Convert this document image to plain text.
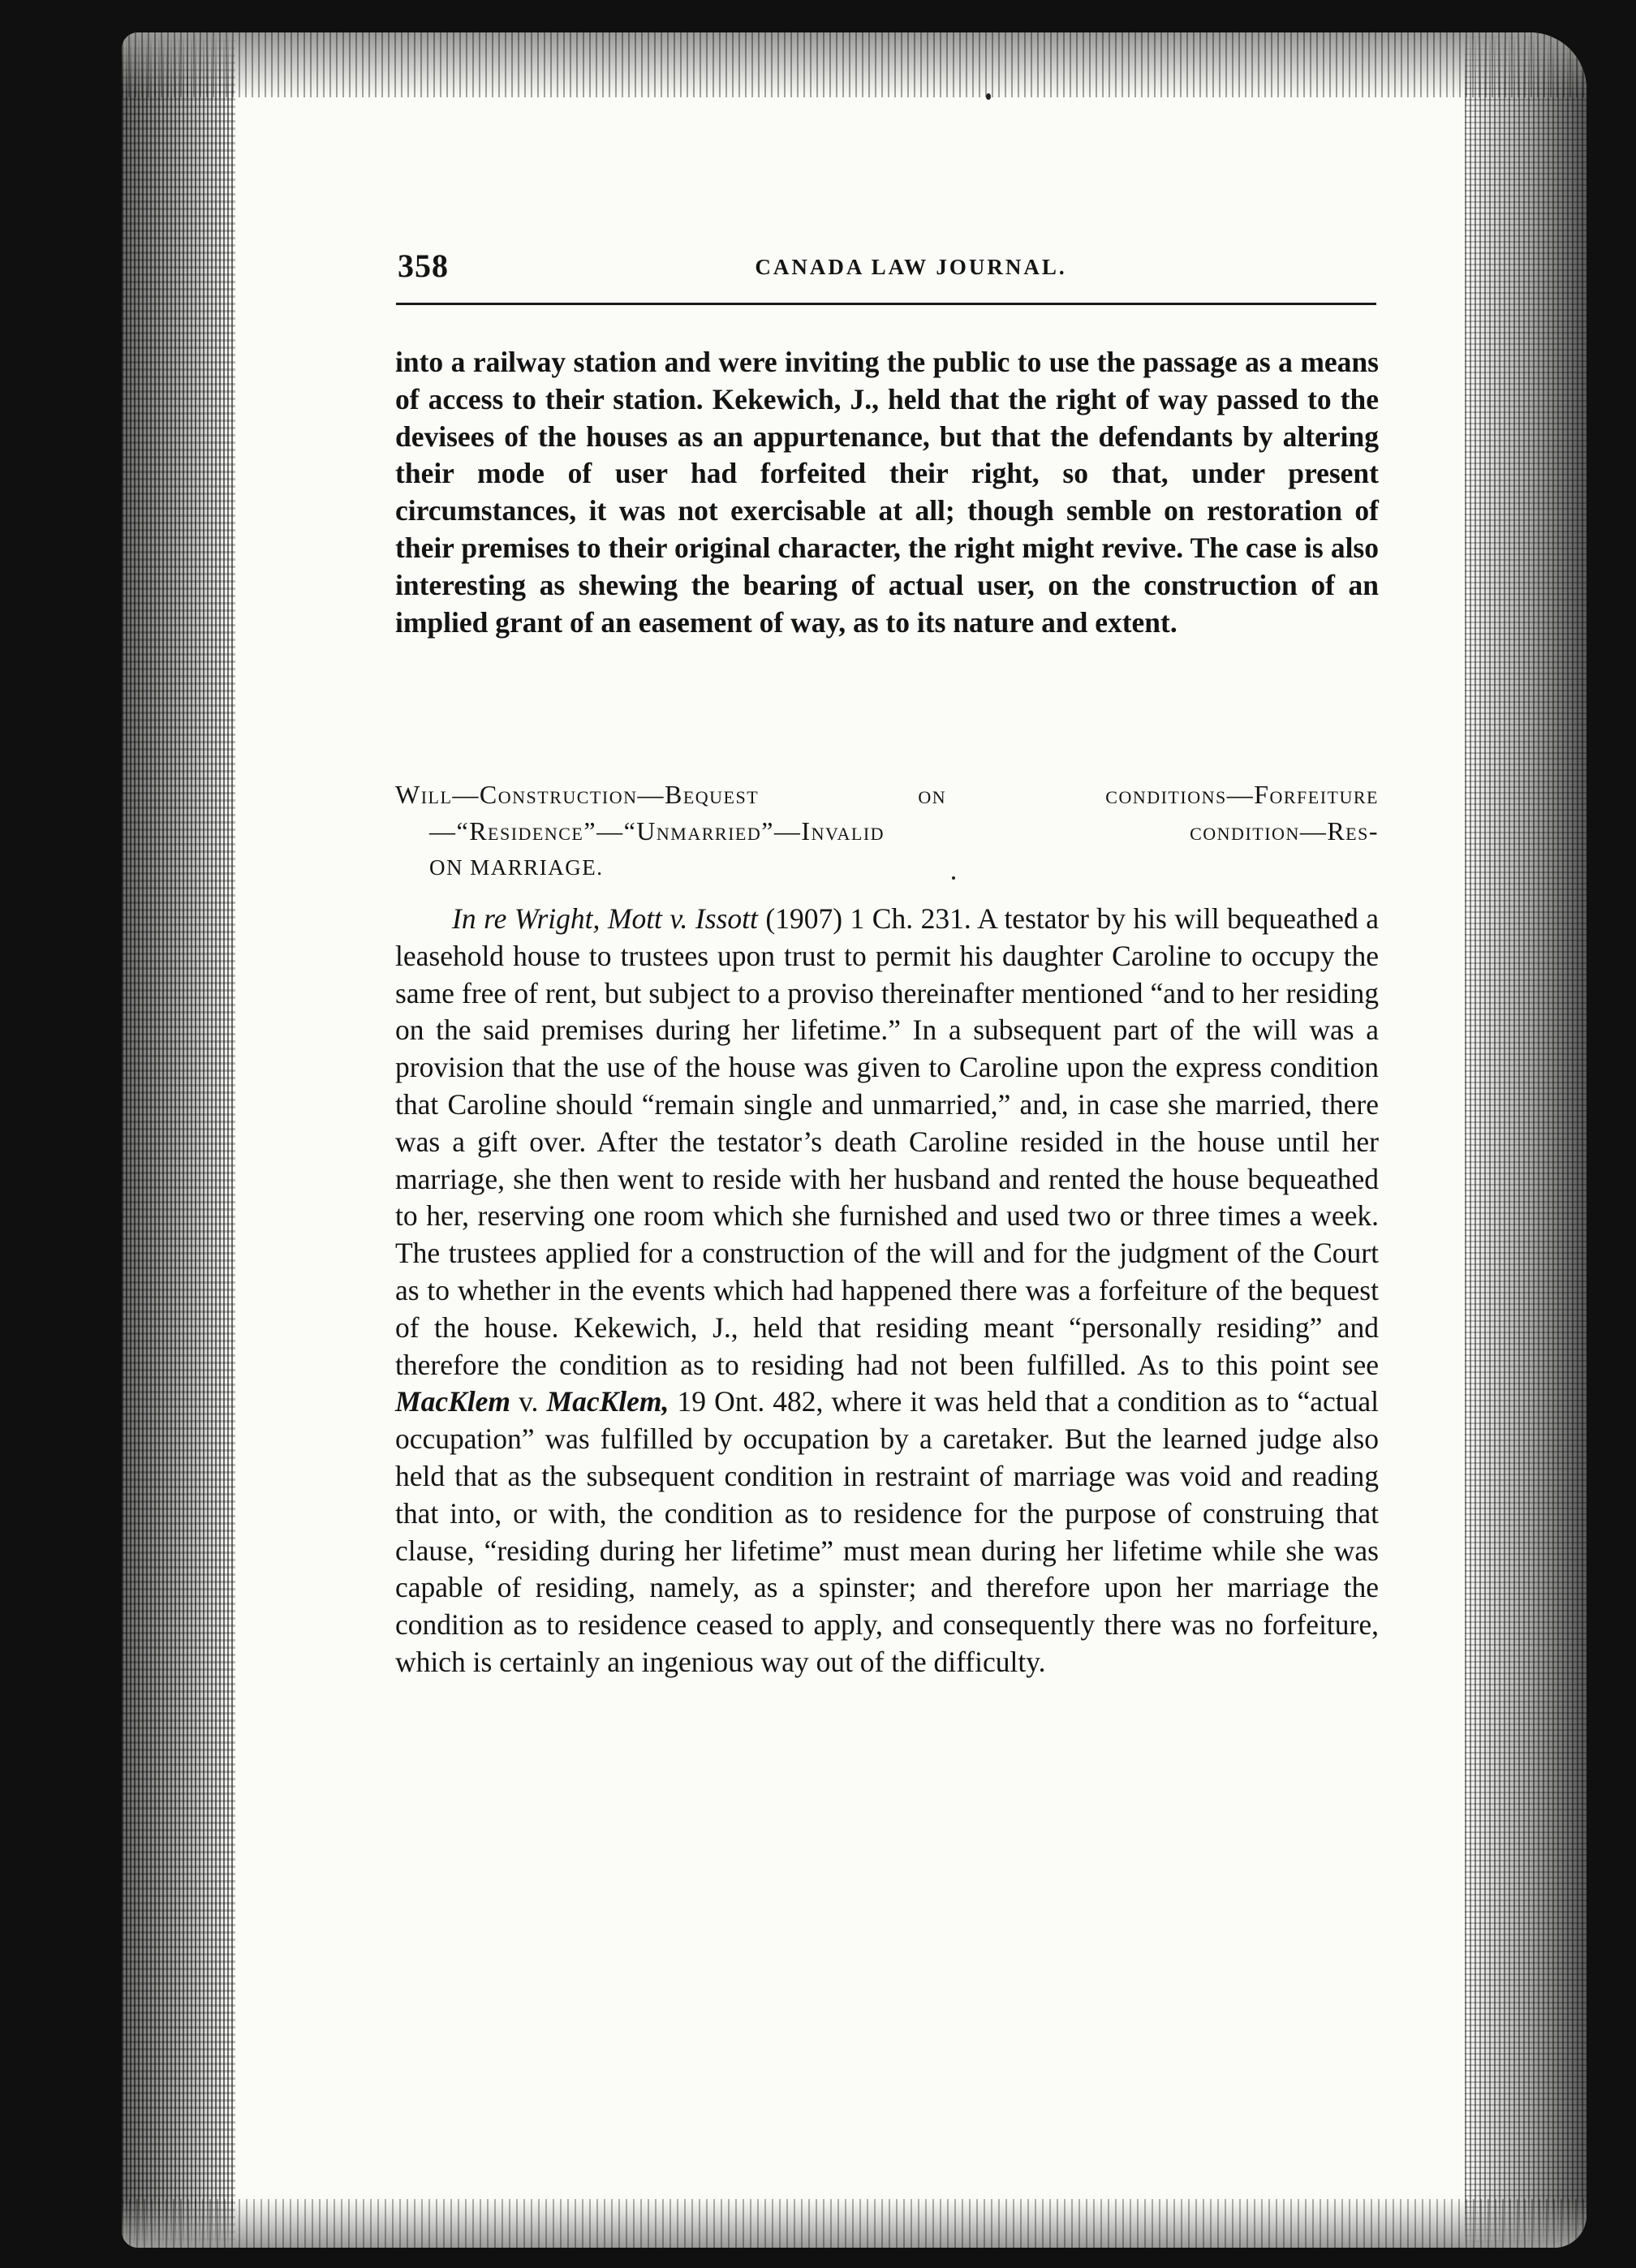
358	CANADA LAW JOURNAL.

into a railway station and were inviting the public to use the passage as a means of access to their station. Kekewich, J., held that the right of way passed to the devisees of the houses as an appurtenance, but that the defendants by altering their mode of user had forfeited their right, so that, under present circumstances, it was not exercisable at all; though semble on restoration of their premises to their original character, the right might revive. The case is also interesting as shewing the bearing of actual user, on the construction of an implied grant of an easement of way, as to its nature and extent.

Will—Construction—Bequest on conditions—Forfeiture
—“Residence”—“Unmarried”—Invalid condition—Res-
ON MARRIAGE.

In re Wright, Mott v. Issott (1907) 1 Ch. 231. A testator by his will bequeathed a leasehold house to trustees upon trust to permit his daughter Caroline to occupy the same free of rent, but subject to a proviso thereinafter mentioned “and to her residing on the said premises during her lifetime.” In a subsequent part of the will was a provision that the use of the house was given to Caroline upon the express condition that Caroline should “remain single and unmarried,” and, in case she married, there was a gift over. After the testator’s death Caroline resided in the house until her marriage, she then went to reside with her husband and rented the house bequeathed to her, reserving one room which she furnished and used two or three times a week. The trustees applied for a construction of the will and for the judgment of the Court as to whether in the events which had happened there was a forfeiture of the bequest of the house. Kekewich, J., held that residing meant “personally residing” and therefore the condition as to residing had not been fulfilled. As to this point see MacKlem v. MacKlem, 19 Ont. 482, where it was held that a condition as to “actual occupation” was fulfilled by occupation by a caretaker. But the learned judge also held that as the subsequent condition in restraint of marriage was void and reading that into, or with, the condition as to residence for the purpose of construing that clause, “residing during her lifetime” must mean during her lifetime while she was capable of residing, namely, as a spinster; and therefore upon her marriage the condition as to residence ceased to apply, and consequently there was no forfeiture, which is certainly an ingenious way out of the difficulty.
